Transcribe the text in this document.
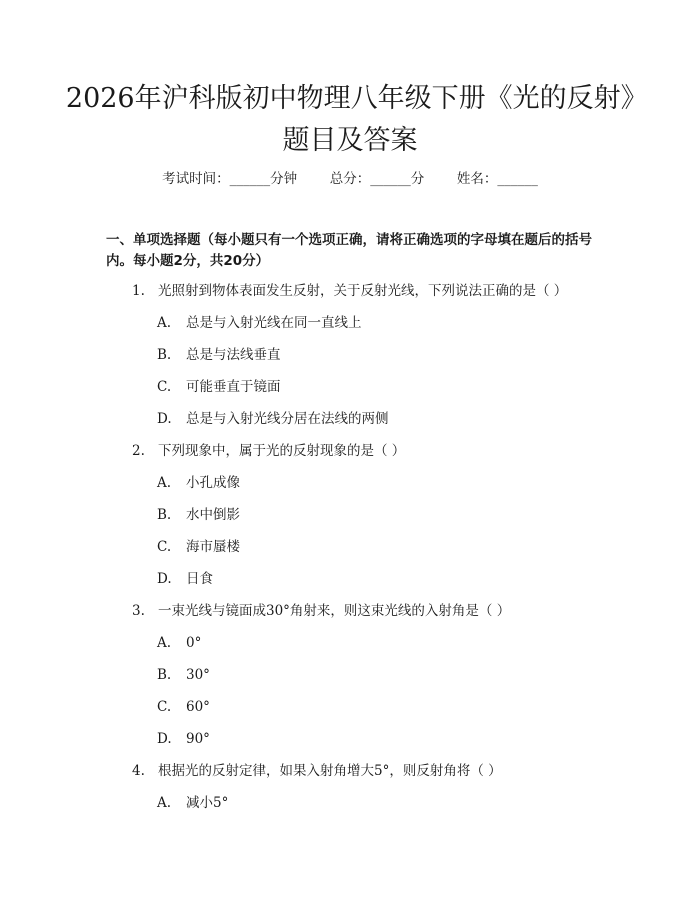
2026年沪科版初中物理八年级下册《光的反射》题目及答案
考试时间：______分钟 总分：______分 姓名：______

一、单项选择题（每小题只有一个选项正确，请将正确选项的字母填在题后的括号内。每小题2分，共20分）

1. 光照射到物体表面发生反射，关于反射光线，下列说法正确的是（ ）
A. 总是与入射光线在同一直线上
B. 总是与法线垂直
C. 可能垂直于镜面
D. 总是与入射光线分居在法线的两侧
2. 下列现象中，属于光的反射现象的是（ ）
A. 小孔成像
B. 水中倒影
C. 海市蜃楼
D. 日食
3. 一束光线与镜面成30°角射来，则这束光线的入射角是（ ）
A. 0°
B. 30°
C. 60°
D. 90°
4. 根据光的反射定律，如果入射角增大5°，则反射角将（ ）
A. 减小5°
